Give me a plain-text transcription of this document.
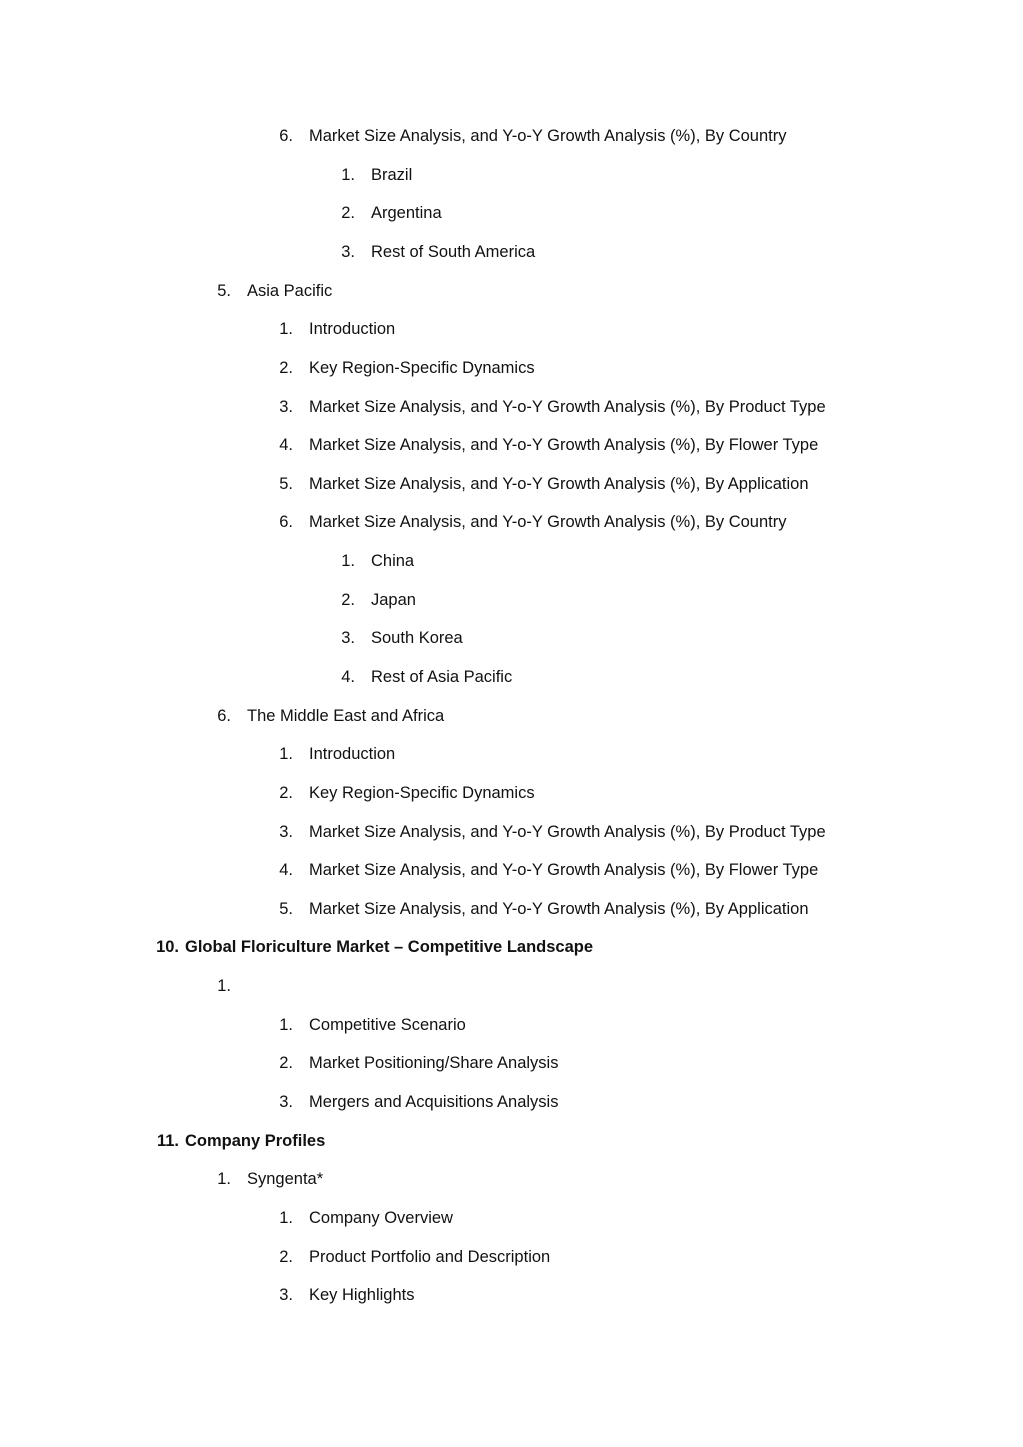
6. Market Size Analysis, and Y-o-Y Growth Analysis (%), By Country
1. Brazil
2. Argentina
3. Rest of South America
5. Asia Pacific
1. Introduction
2. Key Region-Specific Dynamics
3. Market Size Analysis, and Y-o-Y Growth Analysis (%), By Product Type
4. Market Size Analysis, and Y-o-Y Growth Analysis (%), By Flower Type
5. Market Size Analysis, and Y-o-Y Growth Analysis (%), By Application
6. Market Size Analysis, and Y-o-Y Growth Analysis (%), By Country
1. China
2. Japan
3. South Korea
4. Rest of Asia Pacific
6. The Middle East and Africa
1. Introduction
2. Key Region-Specific Dynamics
3. Market Size Analysis, and Y-o-Y Growth Analysis (%), By Product Type
4. Market Size Analysis, and Y-o-Y Growth Analysis (%), By Flower Type
5. Market Size Analysis, and Y-o-Y Growth Analysis (%), By Application
10. Global Floriculture Market – Competitive Landscape
1.
1. Competitive Scenario
2. Market Positioning/Share Analysis
3. Mergers and Acquisitions Analysis
11. Company Profiles
1. Syngenta*
1. Company Overview
2. Product Portfolio and Description
3. Key Highlights
